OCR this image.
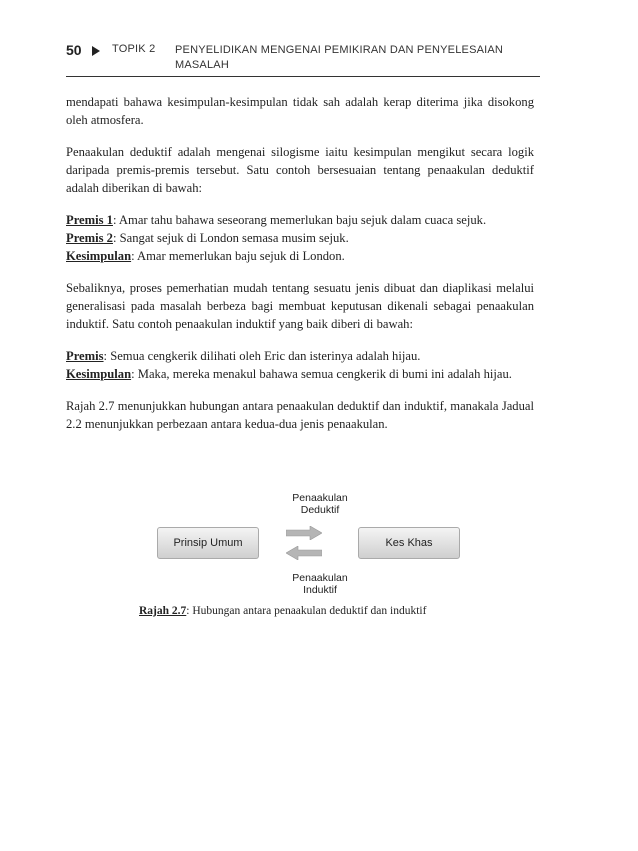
50	TOPIK 2 PENYELIDIKAN MENGENAI PEMIKIRAN DAN PENYELESAIAN
MASALAH

mendapati bahawa kesimpulan-kesimpulan tidak sah adalah kerap diterima jika disokong oleh atmosfera.

Penaakulan deduktif adalah mengenai silogisme iaitu kesimpulan mengikut secara logik daripada premis-premis tersebut. Satu contoh bersesuaian tentang penaakulan deduktif adalah diberikan di bawah:

Premis 1: Amar tahu bahawa seseorang memerlukan baju sejuk dalam cuaca sejuk.

Premis 2: Sangat sejuk di London semasa musim sejuk.

Kesimpulan: Amar memerlukan baju sejuk di London.

Sebaliknya, proses pemerhatian mudah tentang sesuatu jenis dibuat dan diaplikasi melalui generalisasi pada masalah berbeza bagi membuat keputusan dikenali sebagai penaakulan induktif. Satu contoh penaakulan induktif yang baik diberi di bawah:

Premis: Semua cengkerik dilihati oleh Eric dan isterinya adalah hijau.

Kesimpulan: Maka, mereka menakul bahawa semua cengkerik di bumi ini adalah hijau.

Rajah 2.7 menunjukkan hubungan antara penaakulan deduktif dan induktif, manakala Jadual 2.2 menunjukkan perbezaan antara kedua-dua jenis penaakulan.

Penaakulan
Deduktif
Prinsip Umum	Kes Khas
Penaakulan
Induktif
Rajah 2.7: Hubungan antara penaakulan deduktif dan induktif
